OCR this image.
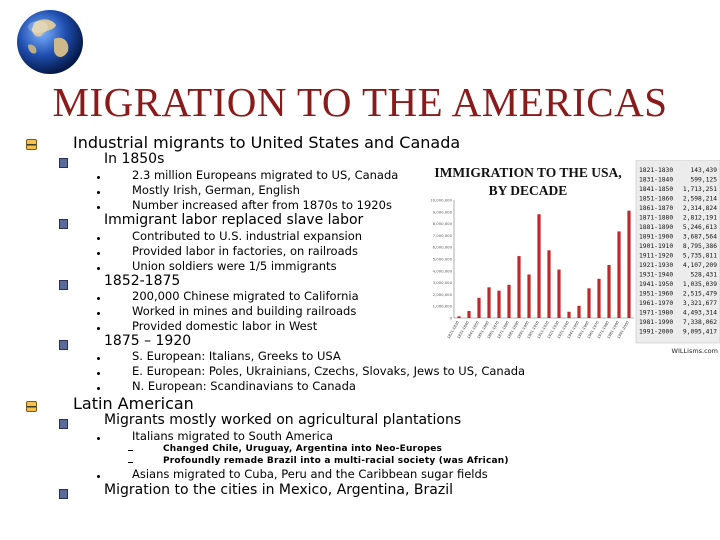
MIGRATION TO THE AMERICAS
Industrial migrants to United States and Canada
In 1850s
2.3 million Europeans migrated to US, Canada
Mostly Irish, German, English
Number increased after from 1870s to 1920s
Immigrant labor replaced slave labor
Contributed to U.S. industrial expansion
Provided labor in factories, on railroads
Union soldiers were 1/5 immigrants
1852-1875
200,000 Chinese migrated to California
Worked in mines and building railroads
Provided domestic labor in West
1875 – 1920
S. European: Italians, Greeks to USA
E. European: Poles, Ukrainians, Czechs, Slovaks, Jews to US, Canada
N. European: Scandinavians to Canada
Latin American
Migrants mostly worked on agricultural plantations
Italians migrated to South America
Changed Chile, Uruguay, Argentina into Neo-Europes
Profoundly remade Brazil into a multi-racial society (was African)
Asians migrated to Cuba, Peru and the Caribbean sugar fields
Migration to the cities in Mexico, Argentina, Brazil
IMMIGRATION TO THE USA,
BY DECADE
WILLisms.com
10,000,000
9,000,000
8,000,000
7,000,000
6,000,000
5,000,000
4,000,000
3,000,000
2,000,000
1,000,000
0
1821-1830
1831-1840
1841-1850
1851-1860
1861-1870
1871-1880
1881-1890
1891-1900
1901-1910
1911-1920
1921-1930
1931-1940
1941-1950
1951-1960
1961-1970
1971-1980
1981-1990
1991-2000
1821-1830	143,439
1831-1840	599,125
1841-1850 1,713,251
1851-1860 2,598,214
1861-1870 2,314,824
1871-1880 2,812,191
1881-1890 5,246,613
1891-1900 3,687,564
1901-1910 8,795,386
1911-1920 5,735,811
1921-1930 4,107,209
1931-1940	528,431
1941-1950 1,035,039
1951-1960 2,515,479
1961-1970 3,321,677
1971-1980 4,493,314
1981-1990 7,338,062
1991-2000 9,095,417
